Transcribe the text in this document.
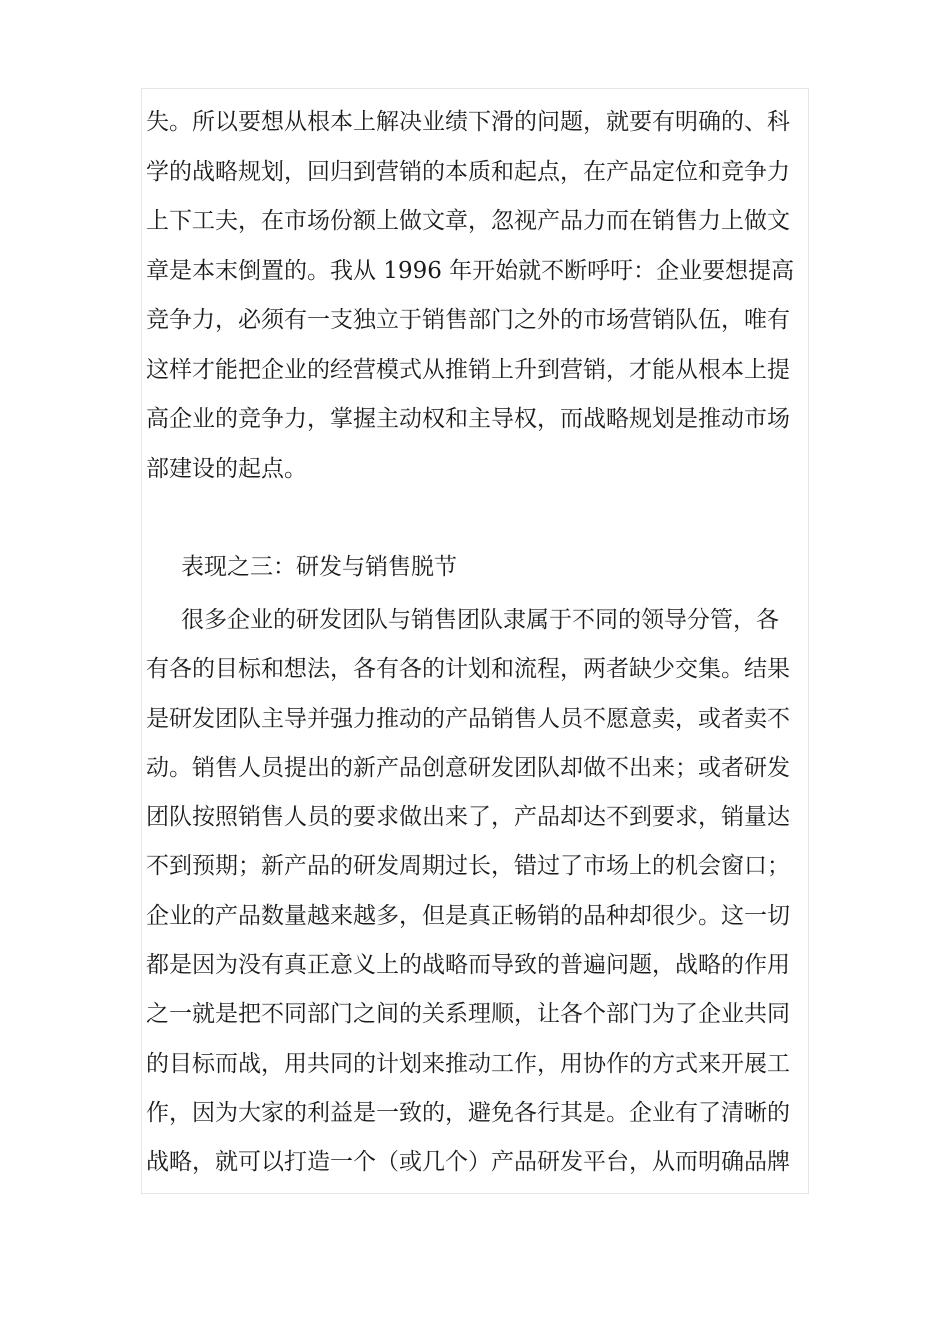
失。所以要想从根本上解决业绩下滑的问题，就要有明确的、科
学的战略规划，回归到营销的本质和起点，在产品定位和竞争力
上下工夫，在市场份额上做文章，忽视产品力而在销售力上做文
章是本末倒置的。我从 1996 年开始就不断呼吁：企业要想提高
竞争力，必须有一支独立于销售部门之外的市场营销队伍，唯有
这样才能把企业的经营模式从推销上升到营销，才能从根本上提
高企业的竞争力，掌握主动权和主导权，而战略规划是推动市场
部建设的起点。
表现之三：研发与销售脱节
很多企业的研发团队与销售团队隶属于不同的领导分管，各
有各的目标和想法，各有各的计划和流程，两者缺少交集。结果
是研发团队主导并强力推动的产品销售人员不愿意卖，或者卖不
动。销售人员提出的新产品创意研发团队却做不出来；或者研发
团队按照销售人员的要求做出来了，产品却达不到要求，销量达
不到预期；新产品的研发周期过长，错过了市场上的机会窗口；
企业的产品数量越来越多，但是真正畅销的品种却很少。这一切
都是因为没有真正意义上的战略而导致的普遍问题，战略的作用
之一就是把不同部门之间的关系理顺，让各个部门为了企业共同
的目标而战，用共同的计划来推动工作，用协作的方式来开展工
作，因为大家的利益是一致的，避免各行其是。企业有了清晰的
战略，就可以打造一个（或几个）产品研发平台，从而明确品牌
